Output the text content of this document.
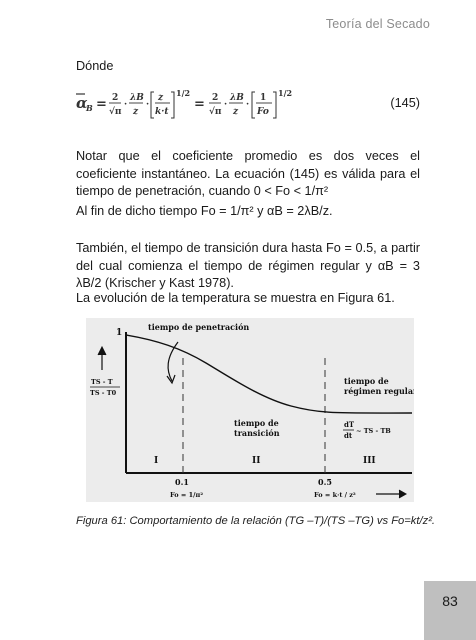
Teoría del Secado
Dónde
α
B = 2
√π
·
λB
z
·
z
k·t
1/2
= 2
√π
·
λB
z
·
1
Fo
1/2
(145)
Notar que el coeficiente promedio es dos veces el coeficiente instantáneo. La ecuación (145) es válida para el tiempo de penetración, cuando 0 < Fo < 1/π²
Al fin de dicho tiempo Fo = 1/π² y αB = 2λB/z.
También, el tiempo de transición dura hasta Fo = 0.5, a partir del cual comienza el tiempo de régimen regular y αB = 3 λB/2 (Krischer y Kast 1978).
La evolución de la temperatura se muestra en Figura 61.
1
tiempo de penetración
tiempo de
régimen regular
tiempo de
transición
I	II	III
0.1	0.5
Fo = 1/π²	Fo = k·t / z²
TS - T
TS - T0
dT
dt ~ TS - TB
Figura 61: Comportamiento de la relación (TG –T)/(TS –TG) vs Fo=kt/z².
83
